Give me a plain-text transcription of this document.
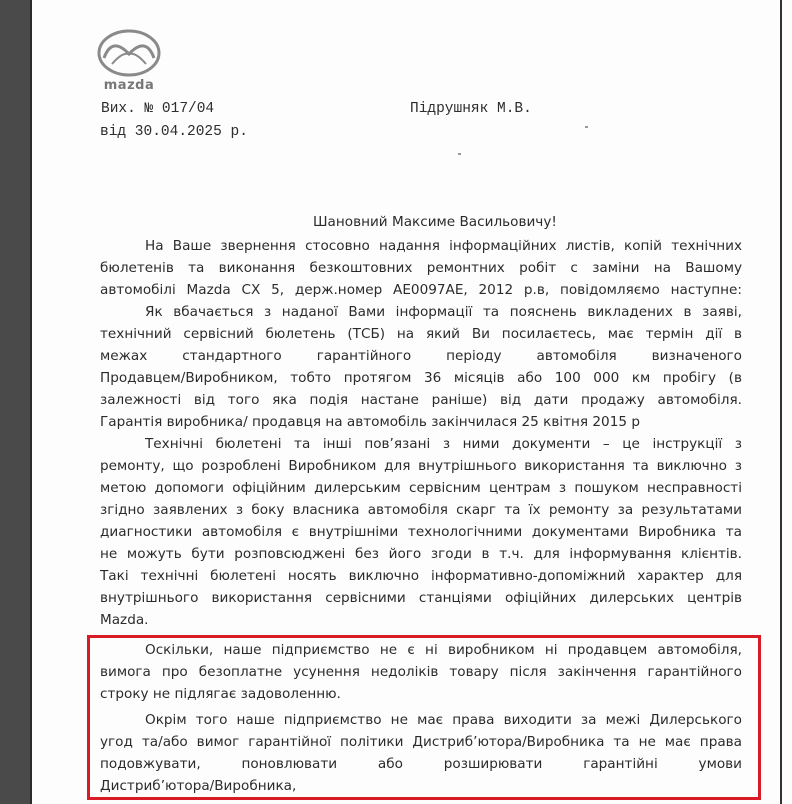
mazda
Вих. № 017/04
від 30.04.2025 р.
Підрушняк М.В.
Шановний Максиме Васильовичу!
На Ваше звернення стосовно надання інформаційних листів, копій технічних
бюлетенів та виконання безкоштовних ремонтних робіт с заміни на Вашому
автомобілі Mazda CX 5, держ.номер АЕ0097АЕ, 2012 р.в, повідомляємо наступне:
Як вбачається з наданої Вами інформації та пояснень викладених в заяві,
технічний сервісний бюлетень (ТСБ) на який Ви посилаєтесь, має термін дії в
межах стандартного гарантійного періоду автомобіля визначеного
Продавцем/Виробником, тобто протягом 36 місяців або 100 000 км пробігу (в
залежності від того яка подія настане раніше) від дати продажу автомобіля.
Гарантія виробника/ продавця на автомобіль закінчилася 25 квітня 2015 р
Технічні бюлетені та інші пов’язані з ними документи – це інструкції з
ремонту, що розроблені Виробником для внутрішнього використання та виключно з
метою допомоги офіційним дилерським сервісним центрам з пошуком несправності
згідно заявлених з боку власника автомобіля скарг та їх ремонту за результатами
диагностики автомобіля є внутрішніми технологічними документами Виробника та
не можуть бути розповсюджені без його згоди в т.ч. для інформування клієнтів.
Такі технічні бюлетені носять виключно інформативно-допоміжний характер для
внутрішнього використання сервісними станціями офіційних дилерських центрів
Mazda.
Оскільки, наше підприємство не є ні виробником ні продавцем автомобіля,
вимога про безоплатне усунення недоліків товару після закінчення гарантійного
строку не підлягає задоволенню.
Окрім того наше підприємство не має права виходити за межі Дилерського
угод та/або вимог гарантійної політики Дистриб’ютора/Виробника та не має права
подовжувати, поновлювати або розширювати гарантійні умови
Дистриб’ютора/Виробника,
